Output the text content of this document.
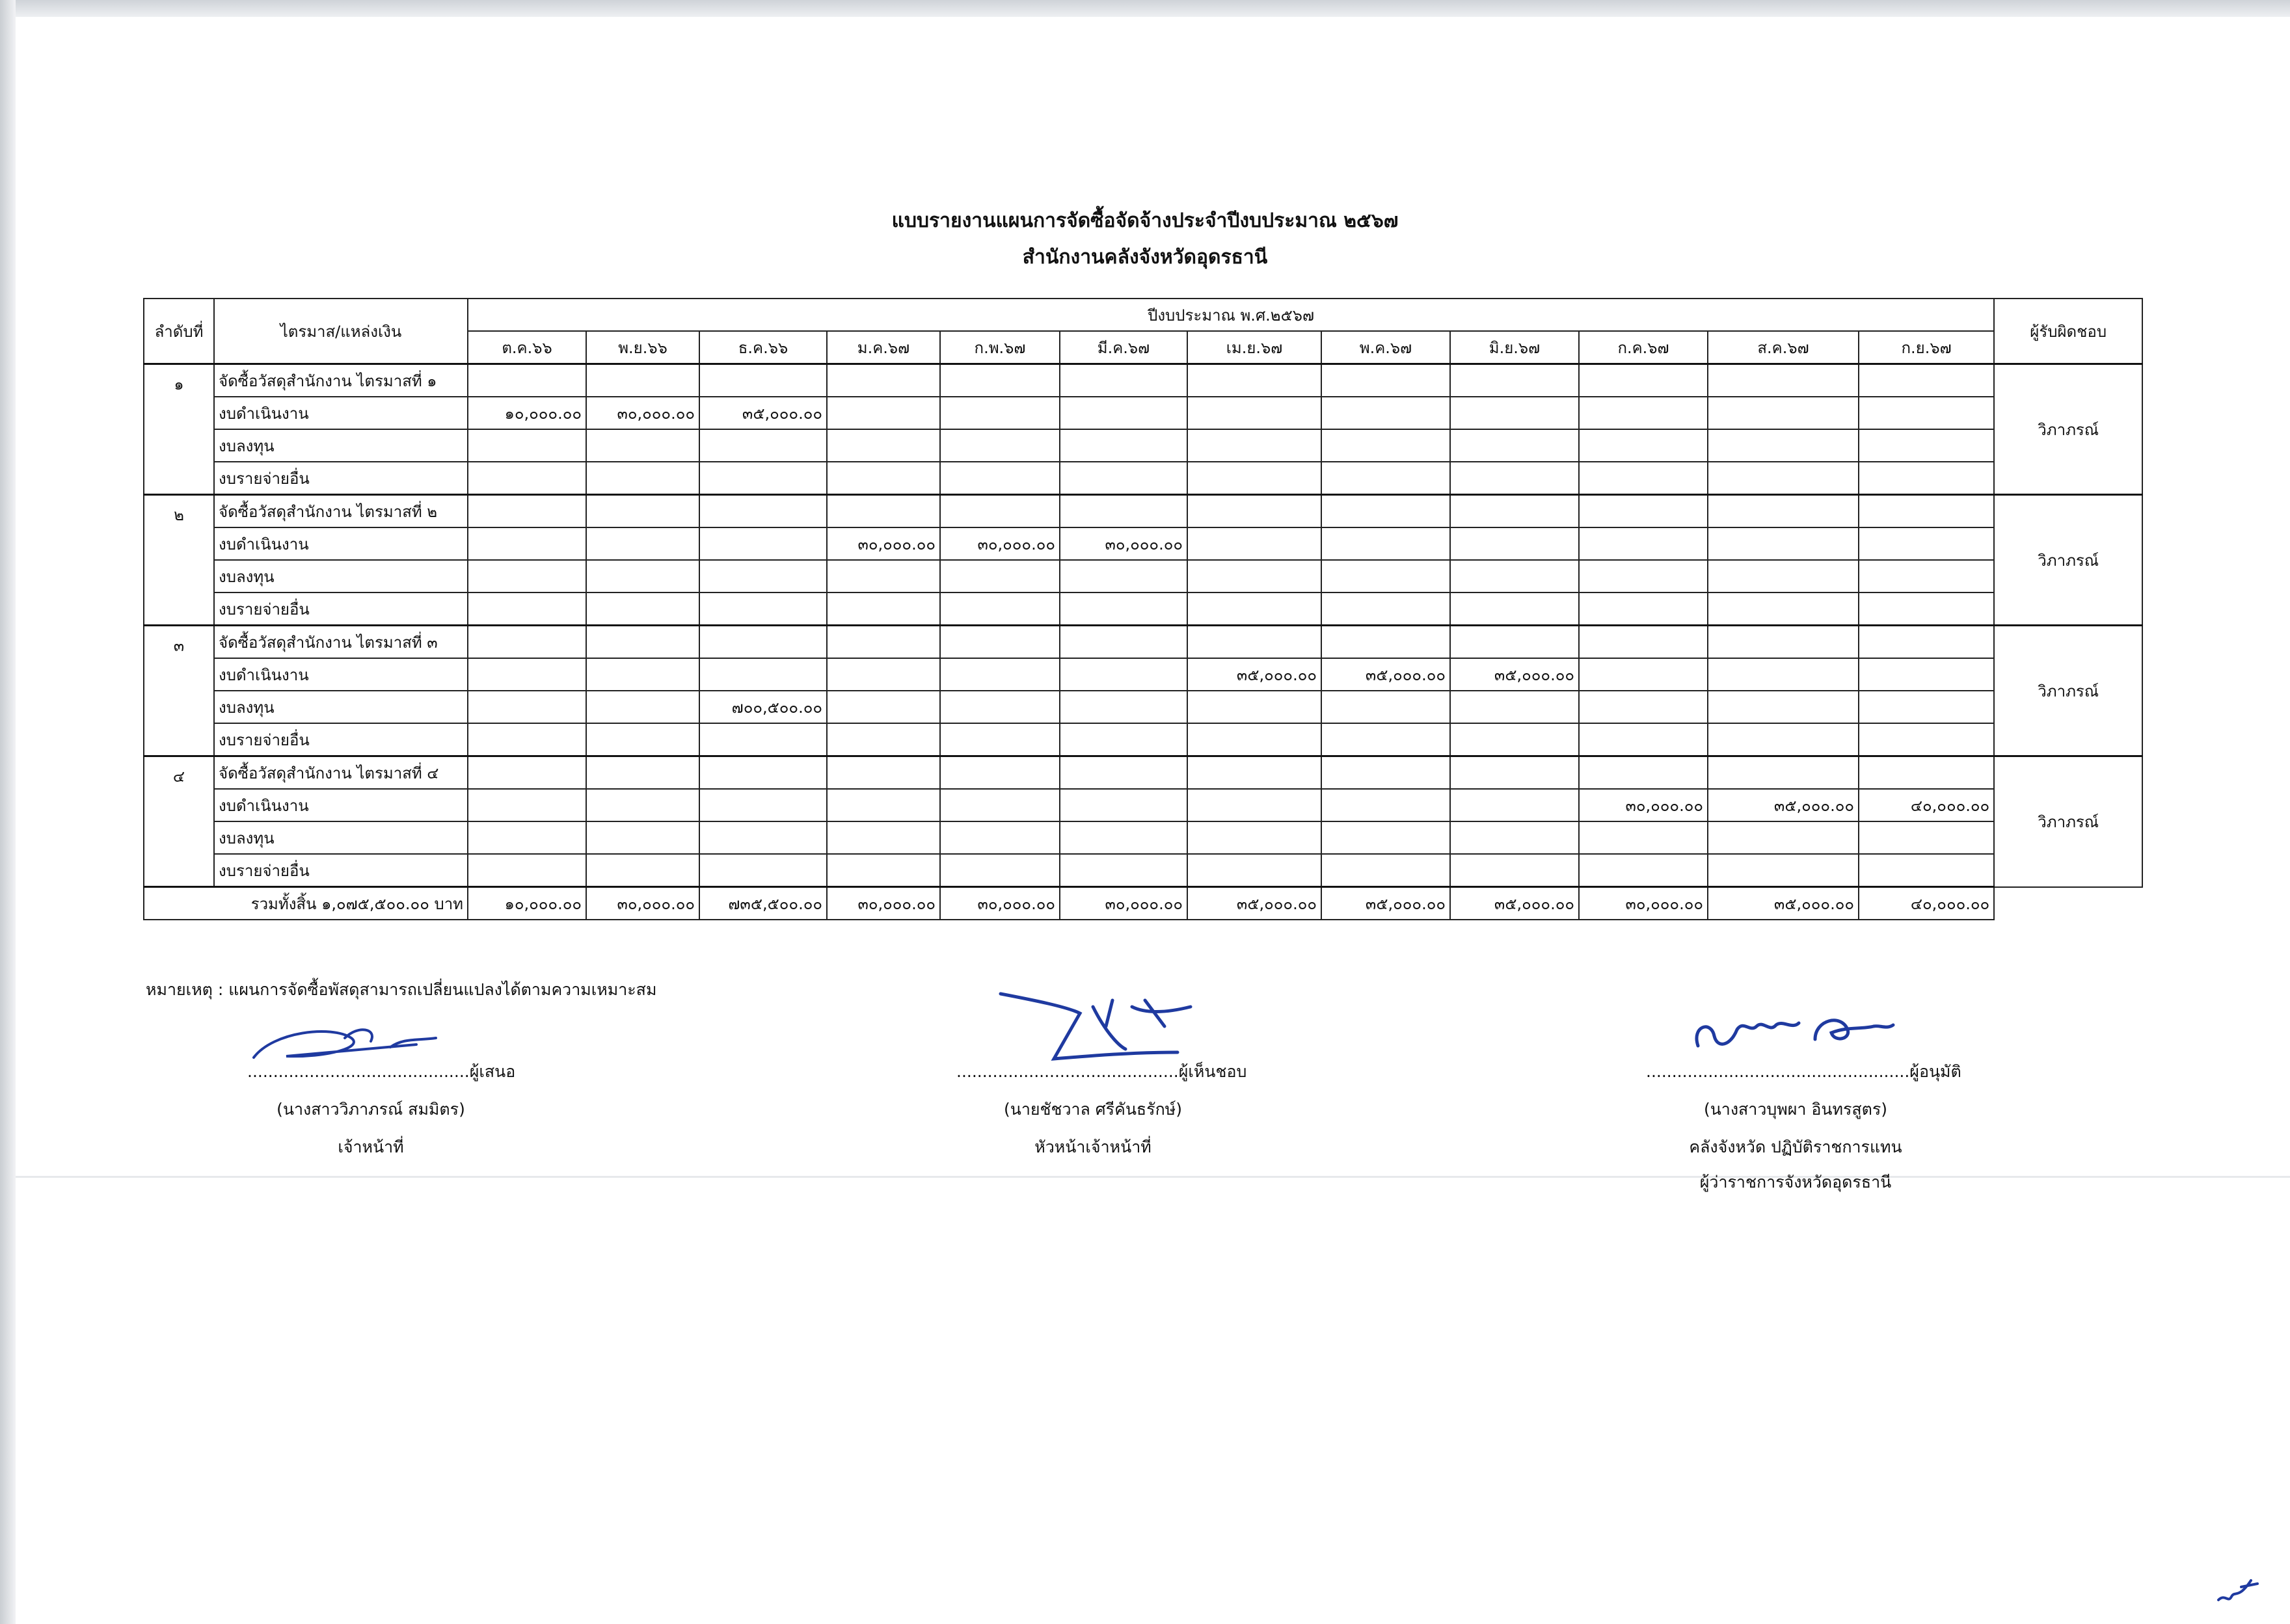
แบบรายงานแผนการจัดซื้อจัดจ้างประจำปีงบประมาณ ๒๕๖๗
สำนักงานคลังจังหวัดอุดรธานี
ลำดับที่	ไตรมาส/แหล่งเงิน	ปีงบประมาณ พ.ศ.๒๕๖๗												ผู้รับผิดชอบ
		ต.ค.๖๖	พ.ย.๖๖	ธ.ค.๖๖	ม.ค.๖๗	ก.พ.๖๗	มี.ค.๖๗	เม.ย.๖๗	พ.ค.๖๗	มิ.ย.๖๗	ก.ค.๖๗	ส.ค.๖๗	ก.ย.๖๗	
๑	จัดซื้อวัสดุสำนักงาน ไตรมาสที่ ๑													วิภาภรณ์
	งบดำเนินงาน	๑๐,๐๐๐.๐๐	๓๐,๐๐๐.๐๐	๓๕,๐๐๐.๐๐										
	งบลงทุน													
	งบรายจ่ายอื่น													
๒	จัดซื้อวัสดุสำนักงาน ไตรมาสที่ ๒													วิภาภรณ์
	งบดำเนินงาน				๓๐,๐๐๐.๐๐	๓๐,๐๐๐.๐๐	๓๐,๐๐๐.๐๐							
	งบลงทุน													
	งบรายจ่ายอื่น													
๓	จัดซื้อวัสดุสำนักงาน ไตรมาสที่ ๓													วิภาภรณ์
	งบดำเนินงาน							๓๕,๐๐๐.๐๐	๓๕,๐๐๐.๐๐	๓๕,๐๐๐.๐๐				
	งบลงทุน			๗๐๐,๕๐๐.๐๐										
	งบรายจ่ายอื่น													
๔	จัดซื้อวัสดุสำนักงาน ไตรมาสที่ ๔													วิภาภรณ์
	งบดำเนินงาน										๓๐,๐๐๐.๐๐	๓๕,๐๐๐.๐๐	๔๐,๐๐๐.๐๐	
	งบลงทุน													
	งบรายจ่ายอื่น													
รวมทั้งสิ้น ๑,๐๗๕,๕๐๐.๐๐ บาท		๑๐,๐๐๐.๐๐	๓๐,๐๐๐.๐๐	๗๓๕,๕๐๐.๐๐	๓๐,๐๐๐.๐๐	๓๐,๐๐๐.๐๐	๓๐,๐๐๐.๐๐	๓๕,๐๐๐.๐๐	๓๕,๐๐๐.๐๐	๓๕,๐๐๐.๐๐	๓๐,๐๐๐.๐๐	๓๕,๐๐๐.๐๐	๔๐,๐๐๐.๐๐	
หมายเหตุ : แผนการจัดซื้อพัสดุสามารถเปลี่ยนแปลงได้ตามความเหมาะสม
...........................................ผู้เสนอ
(นางสาววิภาภรณ์ สมมิตร)
เจ้าหน้าที่
...........................................ผู้เห็นชอบ
(นายชัชวาล ศรีคันธรักษ์)
หัวหน้าเจ้าหน้าที่
...................................................ผู้อนุมัติ
(นางสาวบุพผา อินทรสูตร)
คลังจังหวัด ปฏิบัติราชการแทน
ผู้ว่าราชการจังหวัดอุดรธานี
